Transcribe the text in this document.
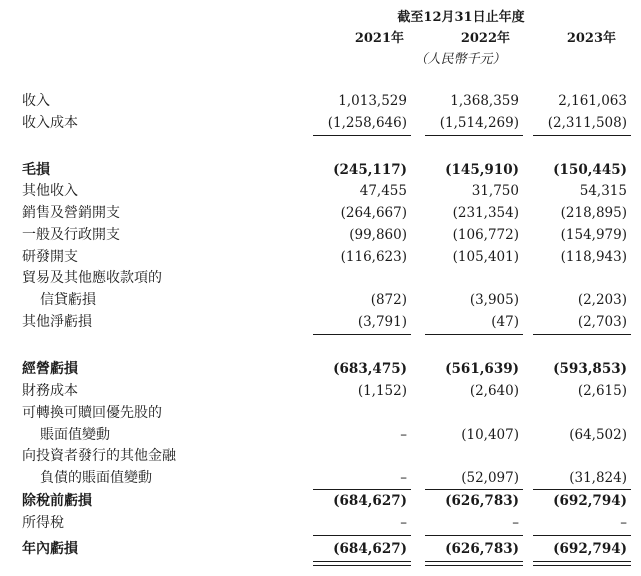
截至12月31日止年度
2021年	2022年	2023年
（人民幣千元）
收入	1,013,529	1,368,359	2,161,063
收入成本	(1,258,646)	(1,514,269)	(2,311,508)
毛損	(245,117)	(145,910)	(150,445)
其他收入	47,455	31,750	54,315
銷售及營銷開支	(264,667)	(231,354)	(218,895)
一般及行政開支	(99,860)	(106,772)	(154,979)
研發開支	(116,623)	(105,401)	(118,943)
貿易及其他應收款項的
信貸虧損	(872)	(3,905)	(2,203)
其他淨虧損	(3,791)	(47)	(2,703)
經營虧損	(683,475)	(561,639)	(593,853)
財務成本	(1,152)	(2,640)	(2,615)
可轉換可贖回優先股的
賬面值變動	–	(10,407)	(64,502)
向投資者發行的其他金融
負債的賬面值變動	–	(52,097)	(31,824)
除稅前虧損	(684,627)	(626,783)	(692,794)
所得稅	–	–	–
年內虧損	(684,627)	(626,783)	(692,794)
